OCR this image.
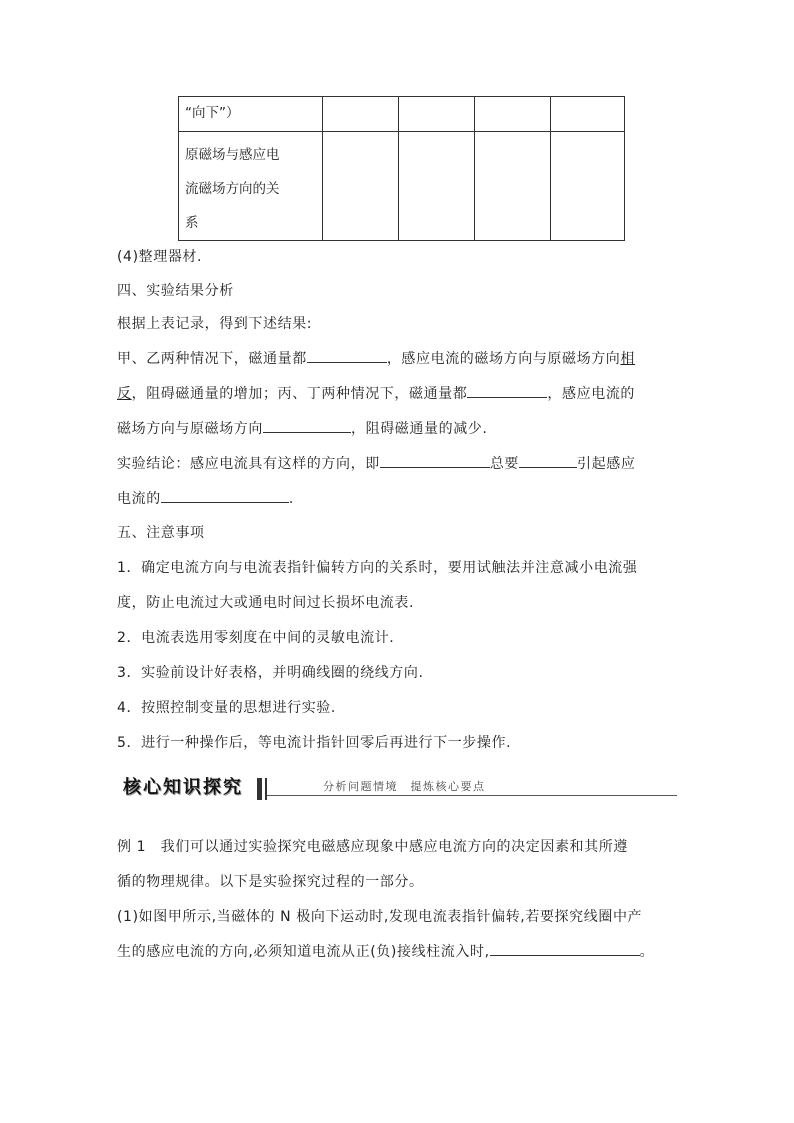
“向下”）				

原磁场与感应电
流磁场方向的关
系				

(4)整理器材.
四、实验结果分析
根据上表记录，得到下述结果:
甲、乙两种情况下，磁通量都	，感应电流的磁场方向与原磁场方向相
反，阻碍磁通量的增加；丙、丁两种情况下，磁通量都	，感应电流的
磁场方向与原磁场方向	，阻碍磁通量的减少.
实验结论：感应电流具有这样的方向，即	总要	引起感应
电流的	.
五、注意事项
1．确定电流方向与电流表指针偏转方向的关系时，要用试触法并注意减小电流强
度，防止电流过大或通电时间过长损坏电流表.
2．电流表选用零刻度在中间的灵敏电流计.
3．实验前设计好表格，并明确线圈的绕线方向.
4．按照控制变量的思想进行实验.
5．进行一种操作后，等电流计指针回零后再进行下一步操作.
核心知识探究	分析问题情境　提炼核心要点
例 1　我们可以通过实验探究电磁感应现象中感应电流方向的决定因素和其所遵
循的物理规律。以下是实验探究过程的一部分。
(1)如图甲所示,当磁体的 N 极向下运动时,发现电流表指针偏转,若要探究线圈中产
生的感应电流的方向,必须知道电流从正(负)接线柱流入时,	。
